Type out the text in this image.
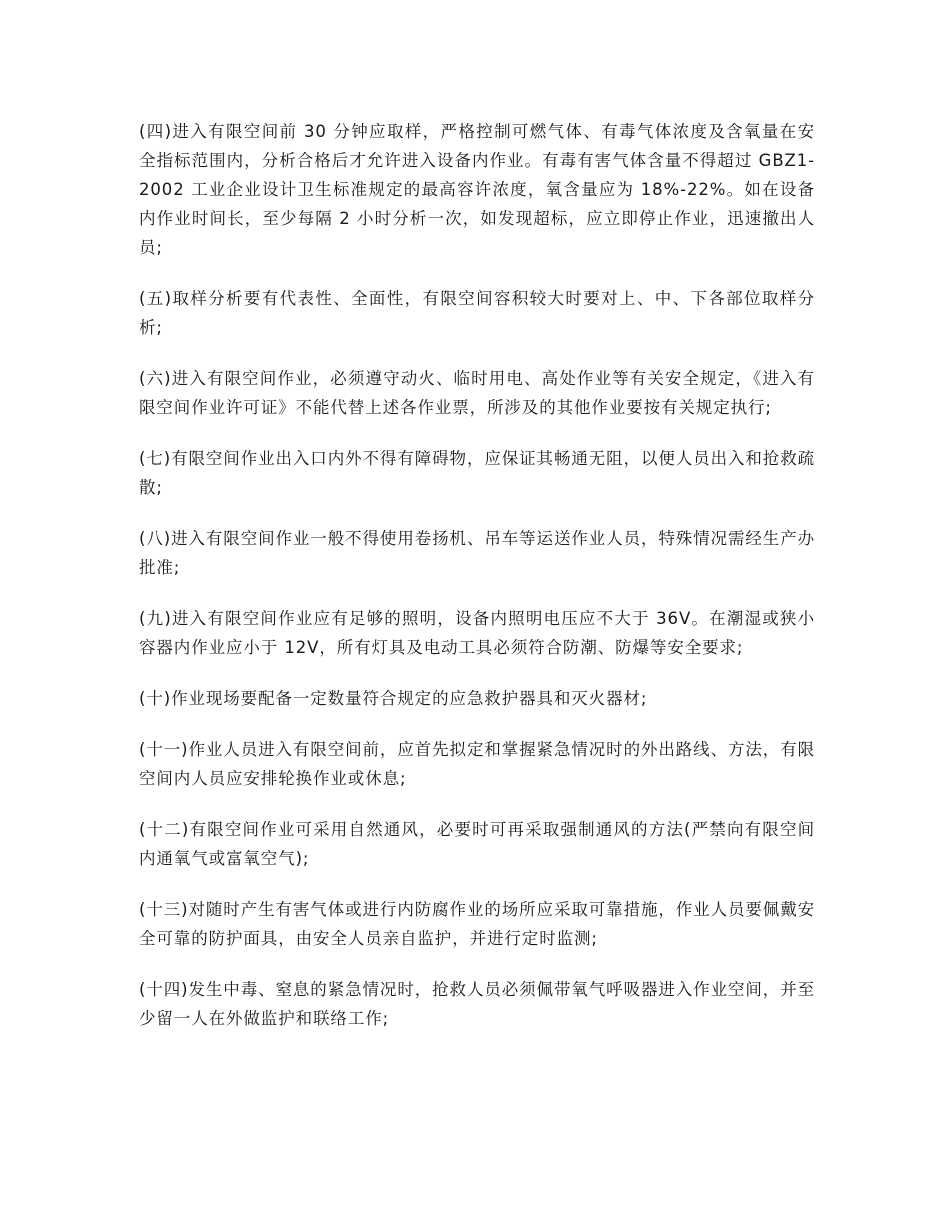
(四)进入有限空间前 30 分钟应取样，严格控制可燃气体、有毒气体浓度及含氧量在安全指标范围内，分析合格后才允许进入设备内作业。有毒有害气体含量不得超过 GBZ1-2002 工业企业设计卫生标准规定的最高容许浓度，氧含量应为 18%-22%。如在设备内作业时间长，至少每隔 2 小时分析一次，如发现超标，应立即停止作业，迅速撤出人员;

(五)取样分析要有代表性、全面性，有限空间容积较大时要对上、中、下各部位取样分析;

(六)进入有限空间作业，必须遵守动火、临时用电、高处作业等有关安全规定，《进入有限空间作业许可证》不能代替上述各作业票，所涉及的其他作业要按有关规定执行;

(七)有限空间作业出入口内外不得有障碍物，应保证其畅通无阻，以便人员出入和抢救疏散;

(八)进入有限空间作业一般不得使用卷扬机、吊车等运送作业人员，特殊情况需经生产办批准;

(九)进入有限空间作业应有足够的照明，设备内照明电压应不大于 36V。在潮湿或狭小容器内作业应小于 12V，所有灯具及电动工具必须符合防潮、防爆等安全要求;

(十)作业现场要配备一定数量符合规定的应急救护器具和灭火器材;

(十一)作业人员进入有限空间前，应首先拟定和掌握紧急情况时的外出路线、方法，有限空间内人员应安排轮换作业或休息;

(十二)有限空间作业可采用自然通风，必要时可再采取强制通风的方法(严禁向有限空间内通氧气或富氧空气);

(十三)对随时产生有害气体或进行内防腐作业的场所应采取可靠措施，作业人员要佩戴安全可靠的防护面具，由安全人员亲自监护，并进行定时监测;

(十四)发生中毒、窒息的紧急情况时，抢救人员必须佩带氧气呼吸器进入作业空间，并至少留一人在外做监护和联络工作;
